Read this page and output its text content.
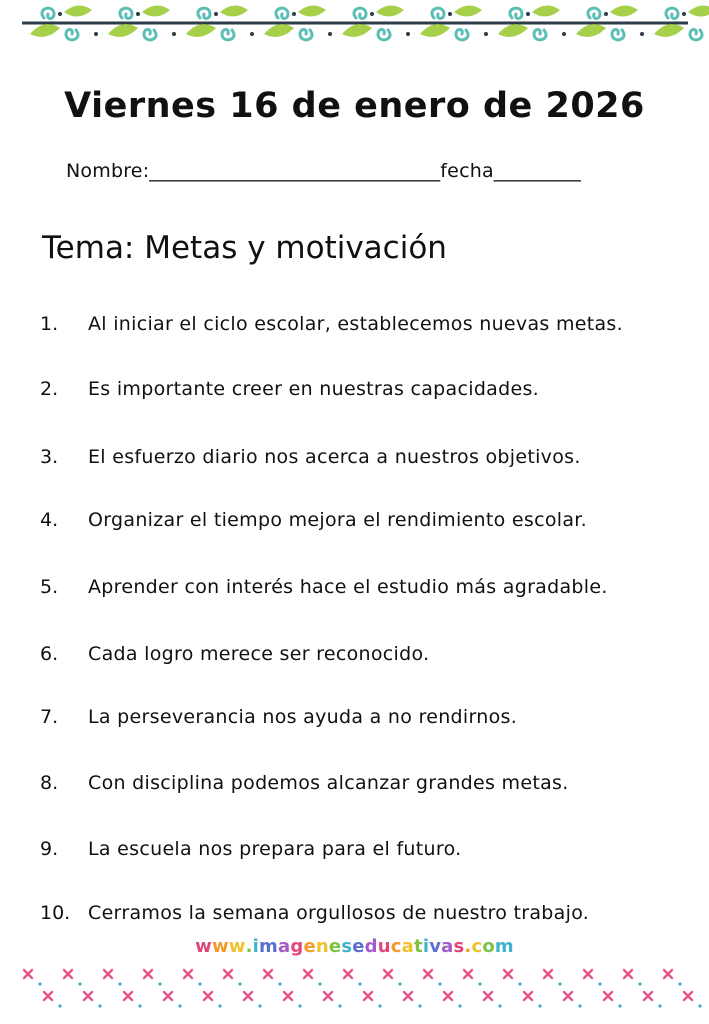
Viernes 16 de enero de 2026
Nombre:______________________________fecha_________
Tema: Metas y motivación
1. Al iniciar el ciclo escolar, establecemos nuevas metas.
2. Es importante creer en nuestras capacidades.
3. El esfuerzo diario nos acerca a nuestros objetivos.
4. Organizar el tiempo mejora el rendimiento escolar.
5. Aprender con interés hace el estudio más agradable.
6. Cada logro merece ser reconocido.
7. La perseverancia nos ayuda a no rendirnos.
8. Con disciplina podemos alcanzar grandes metas.
9. La escuela nos prepara para el futuro.
10. Cerramos la semana orgullosos de nuestro trabajo.
www.imageneseducativas.com
